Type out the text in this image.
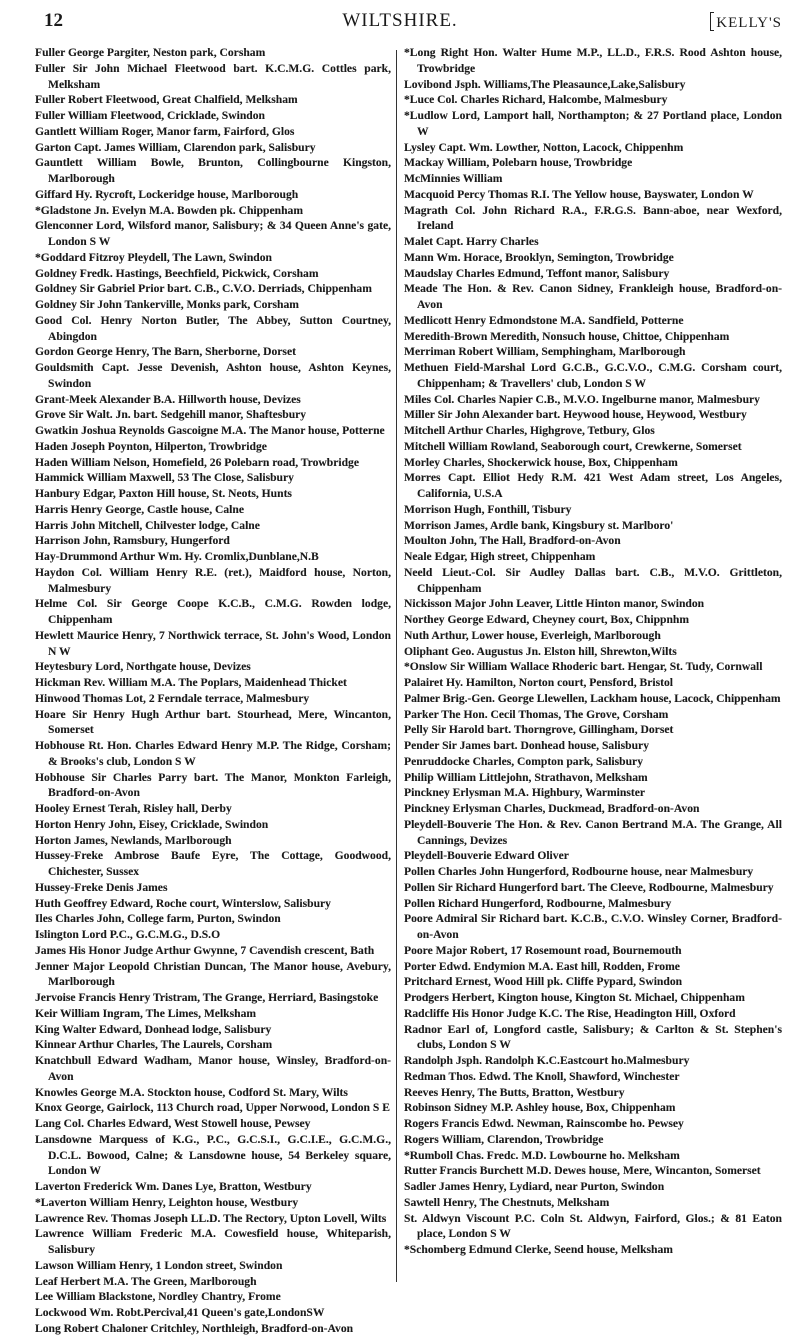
12	WILTSHIRE.	KELLY'S
Fuller George Pargiter, Neston park, Corsham
Fuller Sir John Michael Fleetwood bart. K.C.M.G. Cottles park, Melksham
Fuller Robert Fleetwood, Great Chalfield, Melksham
Fuller William Fleetwood, Cricklade, Swindon
Gantlett William Roger, Manor farm, Fairford, Glos
Garton Capt. James William, Clarendon park, Salisbury
Gauntlett William Bowle, Brunton, Collingbourne Kingston, Marlborough
Giffard Hy. Rycroft, Lockeridge house, Marlborough
*Gladstone Jn. Evelyn M.A. Bowden pk. Chippenham
Glenconner Lord, Wilsford manor, Salisbury; & 34 Queen Anne's gate, London S W
*Goddard Fitzroy Pleydell, The Lawn, Swindon
Goldney Fredk. Hastings, Beechfield, Pickwick, Corsham
Goldney Sir Gabriel Prior bart. C.B., C.V.O. Derriads, Chippenham
Goldney Sir John Tankerville, Monks park, Corsham
Good Col. Henry Norton Butler, The Abbey, Sutton Courtney, Abingdon
Gordon George Henry, The Barn, Sherborne, Dorset
Gouldsmith Capt. Jesse Devenish, Ashton house, Ashton Keynes, Swindon
Grant-Meek Alexander B.A. Hillworth house, Devizes
Grove Sir Walt. Jn. bart. Sedgehill manor, Shaftesbury
Gwatkin Joshua Reynolds Gascoigne M.A. The Manor house, Potterne
Haden Joseph Poynton, Hilperton, Trowbridge
Haden William Nelson, Homefield, 26 Polebarn road, Trowbridge
Hammick William Maxwell, 53 The Close, Salisbury
Hanbury Edgar, Paxton Hill house, St. Neots, Hunts
Harris Henry George, Castle house, Calne
Harris John Mitchell, Chilvester lodge, Calne
Harrison John, Ramsbury, Hungerford
Hay-Drummond Arthur Wm. Hy. Cromlix,Dunblane,N.B
Haydon Col. William Henry R.E. (ret.), Maidford house, Norton, Malmesbury
Helme Col. Sir George Coope K.C.B., C.M.G. Rowden lodge, Chippenham
Hewlett Maurice Henry, 7 Northwick terrace, St. John's Wood, London N W
Heytesbury Lord, Northgate house, Devizes
Hickman Rev. William M.A. The Poplars, Maidenhead Thicket
Hinwood Thomas Lot, 2 Ferndale terrace, Malmesbury
Hoare Sir Henry Hugh Arthur bart. Stourhead, Mere, Wincanton, Somerset
Hobhouse Rt. Hon. Charles Edward Henry M.P. The Ridge, Corsham; & Brooks's club, London S W
Hobhouse Sir Charles Parry bart. The Manor, Monkton Farleigh, Bradford-on-Avon
Hooley Ernest Terah, Risley hall, Derby
Horton Henry John, Eisey, Cricklade, Swindon
Horton James, Newlands, Marlborough
Hussey-Freke Ambrose Baufe Eyre, The Cottage, Goodwood, Chichester, Sussex
Hussey-Freke Denis James
Huth Geoffrey Edward, Roche court, Winterslow, Salisbury
Iles Charles John, College farm, Purton, Swindon
Islington Lord P.C., G.C.M.G., D.S.O
James His Honor Judge Arthur Gwynne, 7 Cavendish crescent, Bath
Jenner Major Leopold Christian Duncan, The Manor house, Avebury, Marlborough
Jervoise Francis Henry Tristram, The Grange, Herriard, Basingstoke
Keir William Ingram, The Limes, Melksham
King Walter Edward, Donhead lodge, Salisbury
Kinnear Arthur Charles, The Laurels, Corsham
Knatchbull Edward Wadham, Manor house, Winsley, Bradford-on-Avon
Knowles George M.A. Stockton house, Codford St. Mary, Wilts
Knox George, Gairlock, 113 Church road, Upper Norwood, London S E
Lang Col. Charles Edward, West Stowell house, Pewsey
Lansdowne Marquess of K.G., P.C., G.C.S.I., G.C.I.E., G.C.M.G., D.C.L. Bowood, Calne; & Lansdowne house, 54 Berkeley square, London W
Laverton Frederick Wm. Danes Lye, Bratton, Westbury
*Laverton William Henry, Leighton house, Westbury
Lawrence Rev. Thomas Joseph LL.D. The Rectory, Upton Lovell, Wilts
Lawrence William Frederic M.A. Cowesfield house, Whiteparish, Salisbury
Lawson William Henry, 1 London street, Swindon
Leaf Herbert M.A. The Green, Marlborough
Lee William Blackstone, Nordley Chantry, Frome
Lockwood Wm. Robt.Percival,41 Queen's gate,LondonSW
Long Robert Chaloner Critchley, Northleigh, Bradford-on-Avon
*Long Right Hon. Walter Hume M.P., LL.D., F.R.S. Rood Ashton house, Trowbridge
Lovibond Jsph. Williams,The Pleasaunce,Lake,Salisbury
*Luce Col. Charles Richard, Halcombe, Malmesbury
*Ludlow Lord, Lamport hall, Northampton; & 27 Portland place, London W
Lysley Capt. Wm. Lowther, Notton, Lacock, Chippenhm
Mackay William, Polebarn house, Trowbridge
McMinnies William
Macquoid Percy Thomas R.I. The Yellow house, Bayswater, London W
Magrath Col. John Richard R.A., F.R.G.S. Bann-aboe, near Wexford, Ireland
Malet Capt. Harry Charles
Mann Wm. Horace, Brooklyn, Semington, Trowbridge
Maudslay Charles Edmund, Teffont manor, Salisbury
Meade The Hon. & Rev. Canon Sidney, Frankleigh house, Bradford-on-Avon
Medlicott Henry Edmondstone M.A. Sandfield, Potterne
Meredith-Brown Meredith, Nonsuch house, Chittoe, Chippenham
Merriman Robert William, Semphingham, Marlborough
Methuen Field-Marshal Lord G.C.B., G.C.V.O., C.M.G. Corsham court, Chippenham; & Travellers' club, London S W
Miles Col. Charles Napier C.B., M.V.O. Ingelburne manor, Malmesbury
Miller Sir John Alexander bart. Heywood house, Heywood, Westbury
Mitchell Arthur Charles, Highgrove, Tetbury, Glos
Mitchell William Rowland, Seaborough court, Crewkerne, Somerset
Morley Charles, Shockerwick house, Box, Chippenham
Morres Capt. Elliot Hedy R.M. 421 West Adam street, Los Angeles, California, U.S.A
Morrison Hugh, Fonthill, Tisbury
Morrison James, Ardle bank, Kingsbury st. Marlboro'
Moulton John, The Hall, Bradford-on-Avon
Neale Edgar, High street, Chippenham
Neeld Lieut.-Col. Sir Audley Dallas bart. C.B., M.V.O. Grittleton, Chippenham
Nickisson Major John Leaver, Little Hinton manor, Swindon
Northey George Edward, Cheyney court, Box, Chippnhm
Nuth Arthur, Lower house, Everleigh, Marlborough
Oliphant Geo. Augustus Jn. Elston hill, Shrewton,Wilts
*Onslow Sir William Wallace Rhoderic bart. Hengar, St. Tudy, Cornwall
Palairet Hy. Hamilton, Norton court, Pensford, Bristol
Palmer Brig.-Gen. George Llewellen, Lackham house, Lacock, Chippenham
Parker The Hon. Cecil Thomas, The Grove, Corsham
Pelly Sir Harold bart. Thorngrove, Gillingham, Dorset
Pender Sir James bart. Donhead house, Salisbury
Penruddocke Charles, Compton park, Salisbury
Philip William Littlejohn, Strathavon, Melksham
Pinckney Erlysman M.A. Highbury, Warminster
Pinckney Erlysman Charles, Duckmead, Bradford-on-Avon
Pleydell-Bouverie The Hon. & Rev. Canon Bertrand M.A. The Grange, All Cannings, Devizes
Pleydell-Bouverie Edward Oliver
Pollen Charles John Hungerford, Rodbourne house, near Malmesbury
Pollen Sir Richard Hungerford bart. The Cleeve, Rodbourne, Malmesbury
Pollen Richard Hungerford, Rodbourne, Malmesbury
Poore Admiral Sir Richard bart. K.C.B., C.V.O. Winsley Corner, Bradford-on-Avon
Poore Major Robert, 17 Rosemount road, Bournemouth
Porter Edwd. Endymion M.A. East hill, Rodden, Frome
Pritchard Ernest, Wood Hill pk. Cliffe Pypard, Swindon
Prodgers Herbert, Kington house, Kington St. Michael, Chippenham
Radcliffe His Honor Judge K.C. The Rise, Headington Hill, Oxford
Radnor Earl of, Longford castle, Salisbury; & Carlton & St. Stephen's clubs, London S W
Randolph Jsph. Randolph K.C.Eastcourt ho.Malmesbury
Redman Thos. Edwd. The Knoll, Shawford, Winchester
Reeves Henry, The Butts, Bratton, Westbury
Robinson Sidney M.P. Ashley house, Box, Chippenham
Rogers Francis Edwd. Newman, Rainscombe ho. Pewsey
Rogers William, Clarendon, Trowbridge
*Rumboll Chas. Fredc. M.D. Lowbourne ho. Melksham
Rutter Francis Burchett M.D. Dewes house, Mere, Wincanton, Somerset
Sadler James Henry, Lydiard, near Purton, Swindon
Sawtell Henry, The Chestnuts, Melksham
St. Aldwyn Viscount P.C. Coln St. Aldwyn, Fairford, Glos.; & 81 Eaton place, London S W
*Schomberg Edmund Clerke, Seend house, Melksham
